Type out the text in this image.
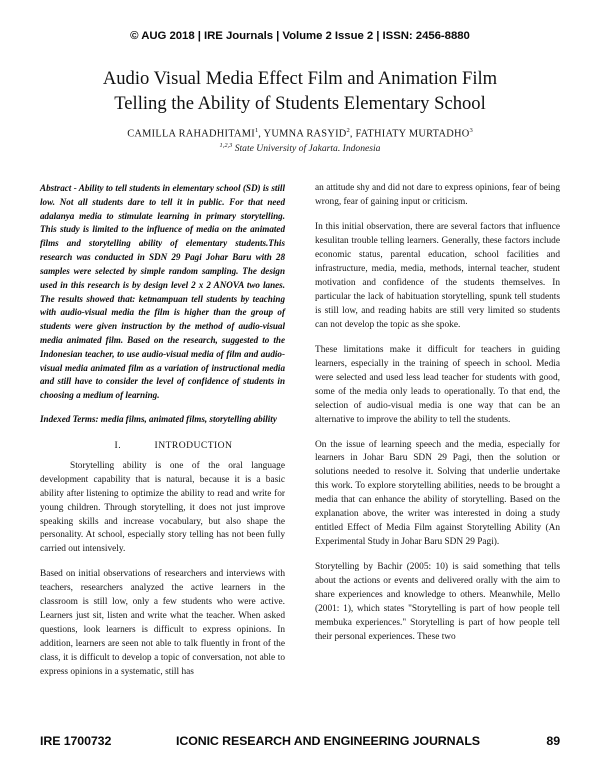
© AUG 2018 | IRE Journals | Volume 2 Issue 2 | ISSN: 2456-8880
Audio Visual Media Effect Film and Animation Film
Telling the Ability of Students Elementary School

CAMILLA RAHADHITAMI$^1$, YUMNA RASYID$^2$, FATHIATY MURTADHO$^3$

$^{1,2,3}$ State University of Jakarta. Indonesia

Abstract - Ability to tell students in elementary school (SD) is still low. Not all students dare to tell it in public. For that need adalanya media to stimulate learning in primary storytelling. This study is limited to the influence of media on the animated films and storytelling ability of elementary students.This research was conducted in SDN 29 Pagi Johar Baru with 28 samples were selected by simple random sampling. The design used in this research is by design level 2 x 2 ANOVA two lanes. The results showed that: ketmampuan tell students by teaching with audio-visual media the film is higher than the group of students were given instruction by the method of audio-visual media animated film. Based on the research, suggested to the Indonesian teacher, to use audio-visual media of film and audio-visual media animated film as a variation of instructional media and still have to consider the level of confidence of students in choosing a medium of learning.

Indexed Terms: media films, animated films, storytelling ability

I.	INTRODUCTION

Storytelling ability is one of the oral language development capability that is natural, because it is a basic ability after listening to optimize the ability to read and write for young children. Through storytelling, it does not just improve speaking skills and increase vocabulary, but also shape the personality. At school, especially story telling has not been fully carried out intensively.

Based on initial observations of researchers and interviews with teachers, researchers analyzed the active learners in the classroom is still low, only a few students who were active. Learners just sit, listen and write what the teacher. When asked questions, look learners is difficult to express opinions. In addition, learners are seen not able to talk fluently in front of the class, it is difficult to develop a topic of conversation, not able to express opinions in a systematic, still has

an attitude shy and did not dare to express opinions, fear of being wrong, fear of gaining input or criticism.

In this initial observation, there are several factors that influence kesulitan trouble telling learners. Generally, these factors include economic status, parental education, school facilities and infrastructure, media, media, methods, internal teacher, student motivation and confidence of the students themselves. In particular the lack of habituation storytelling, spunk tell students is still low, and reading habits are still very limited so students can not develop the topic as she spoke.

These limitations make it difficult for teachers in guiding learners, especially in the training of speech in school. Media were selected and used less lead teacher for students with good, some of the media only leads to operationally. To that end, the selection of audio-visual media is one way that can be an alternative to improve the ability to tell the students.

On the issue of learning speech and the media, especially for learners in Johar Baru SDN 29 Pagi, then the solution or solutions needed to resolve it. Solving that underlie undertake this work. To explore storytelling abilities, needs to be brought a media that can enhance the ability of storytelling. Based on the explanation above, the writer was interested in doing a study entitled Effect of Media Film against Storytelling Ability (An Experimental Study in Johar Baru SDN 29 Pagi).

Storytelling by Bachir (2005: 10) is said something that tells about the actions or events and delivered orally with the aim to share experiences and knowledge to others. Meanwhile, Mello (2001: 1), which states "Storytelling is part of how people tell membuka experiences." Storytelling is part of how people tell their personal experiences. These two

IRE 1700732	ICONIC RESEARCH AND ENGINEERING JOURNALS	89
